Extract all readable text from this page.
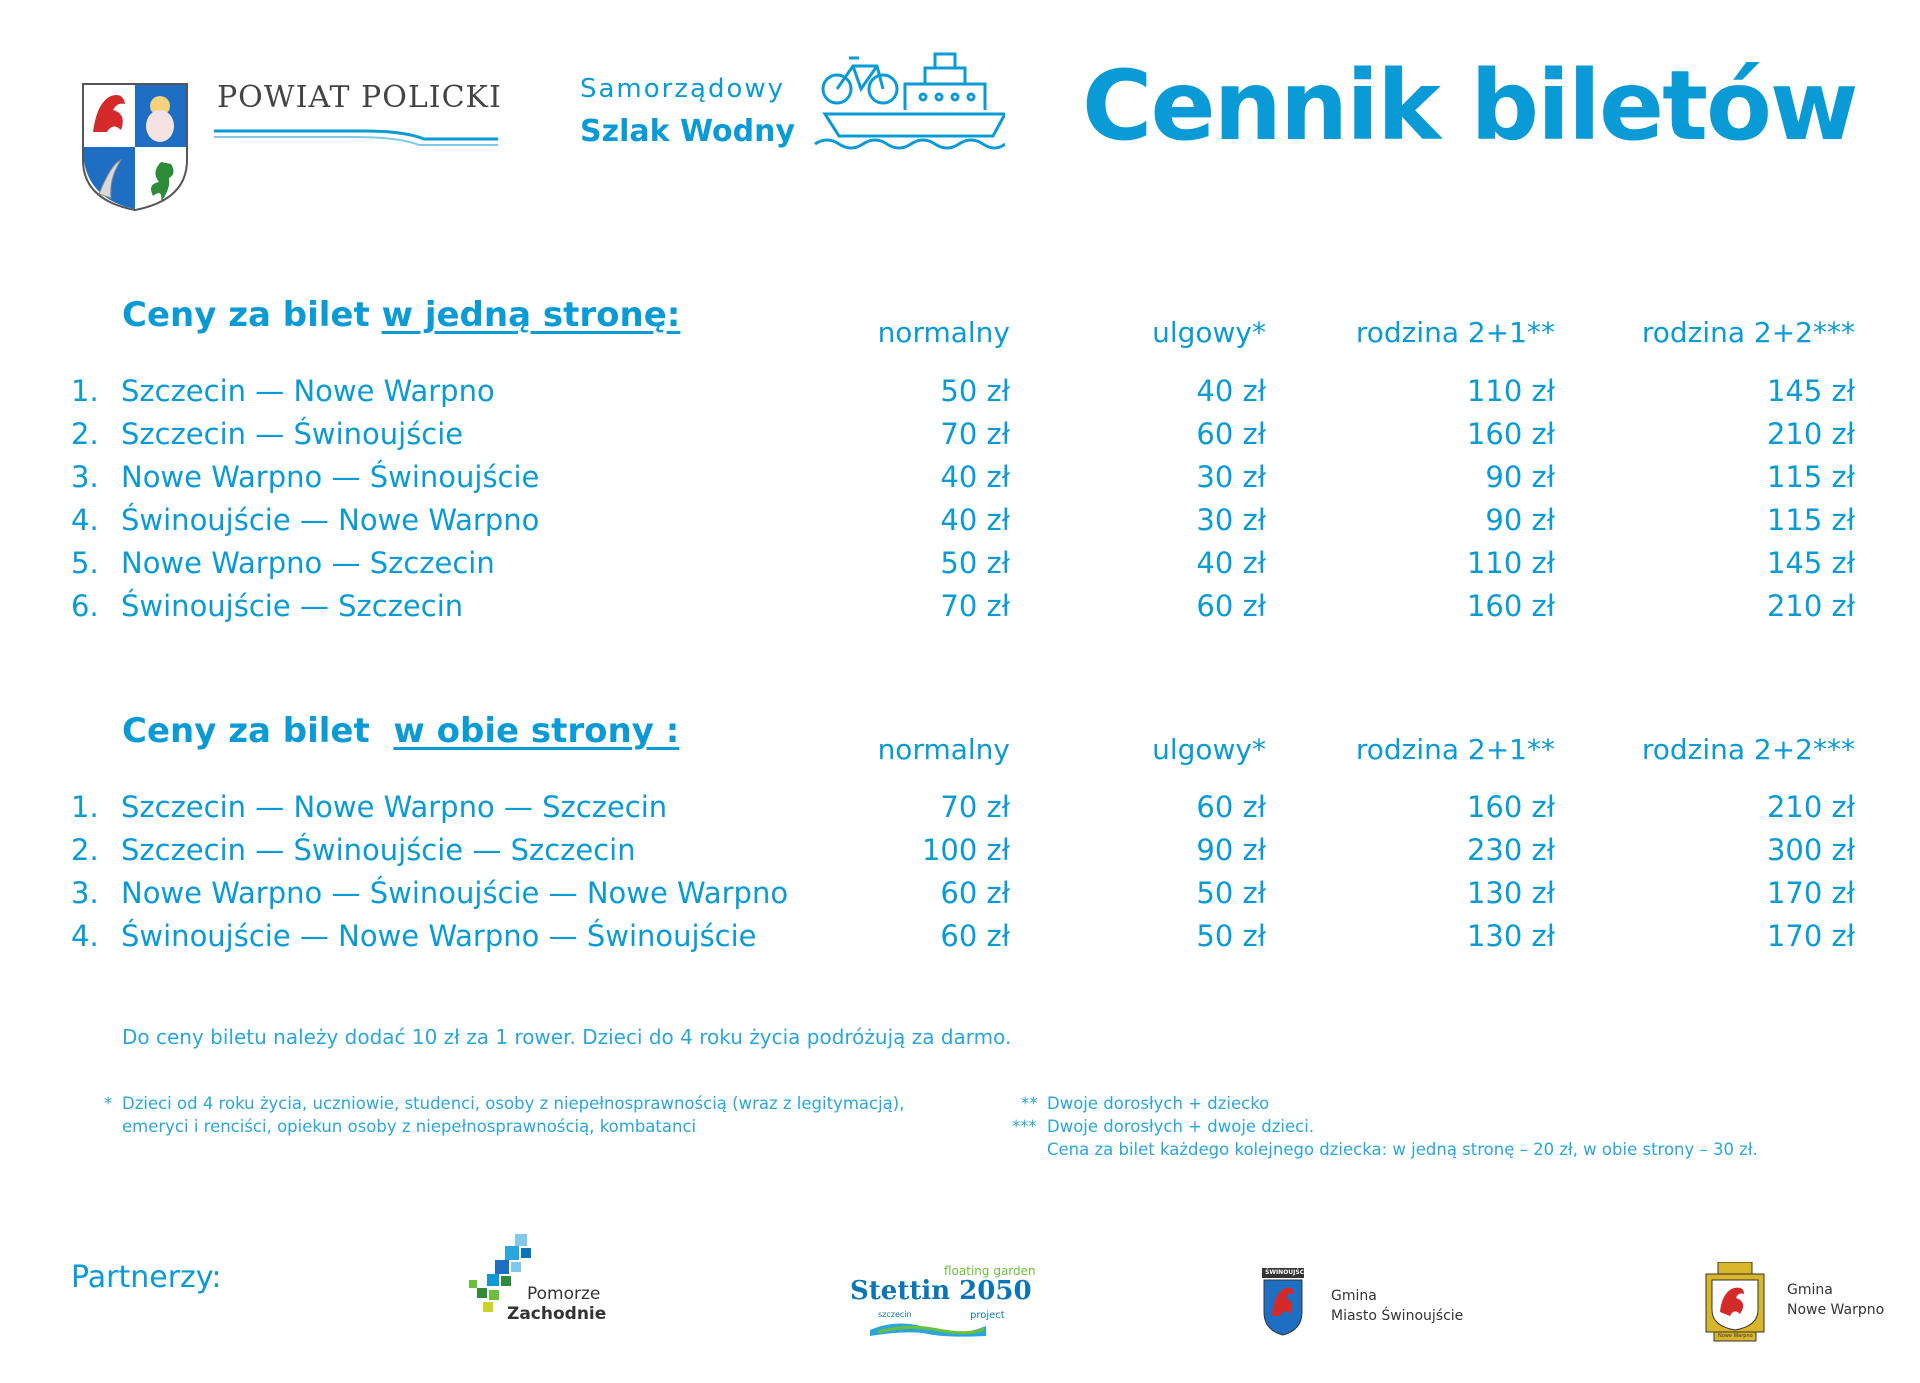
POWIAT POLICKI	Samorządowy
Szlak Wodny	Cennik biletów
Ceny za bilet w jedną stronę:	normalny	ulgowy*	rodzina 2+1**	rodzina 2+2***
1. Szczecin — Nowe Warpno	50 zł	40 zł	110 zł	145 zł
2. Szczecin — Świnoujście	70 zł	60 zł	160 zł	210 zł
3. Nowe Warpno — Świnoujście	40 zł	30 zł	90 zł	115 zł
4. Świnoujście — Nowe Warpno	40 zł	30 zł	90 zł	115 zł
5. Nowe Warpno — Szczecin	50 zł	40 zł	110 zł	145 zł
6. Świnoujście — Szczecin	70 zł	60 zł	160 zł	210 zł
Ceny za bilet  w obie strony :	normalny	ulgowy*	rodzina 2+1**	rodzina 2+2***
1. Szczecin — Nowe Warpno — Szczecin	70 zł	60 zł	160 zł	210 zł
2. Szczecin — Świnoujście — Szczecin	100 zł	90 zł	230 zł	300 zł
3. Nowe Warpno — Świnoujście — Nowe Warpno	60 zł	50 zł	130 zł	170 zł
4. Świnoujście — Nowe Warpno — Świnoujście	60 zł	50 zł	130 zł	170 zł
Do ceny biletu należy dodać 10 zł za 1 rower. Dzieci do 4 roku życia podróżują za darmo.
* Dzieci od 4 roku życia, uczniowie, studenci, osoby z niepełnosprawnością (wraz z legitymacją),
emeryci i renciści, opiekun osoby z niepełnosprawnością, kombatanci
** Dwoje dorosłych + dziecko
*** Dwoje dorosłych + dwoje dzieci.
Cena za bilet każdego kolejnego dziecka: w jedną stronę – 20 zł, w obie strony – 30 zł.
Partnerzy:	Pomorze
Zachodnie
floating garden
Stettin 2050
szczecin	project
ŚWINOUJŚCIE
Gmina
Miasto Świnoujście
Nowe Warpno
Gmina
Nowe Warpno
